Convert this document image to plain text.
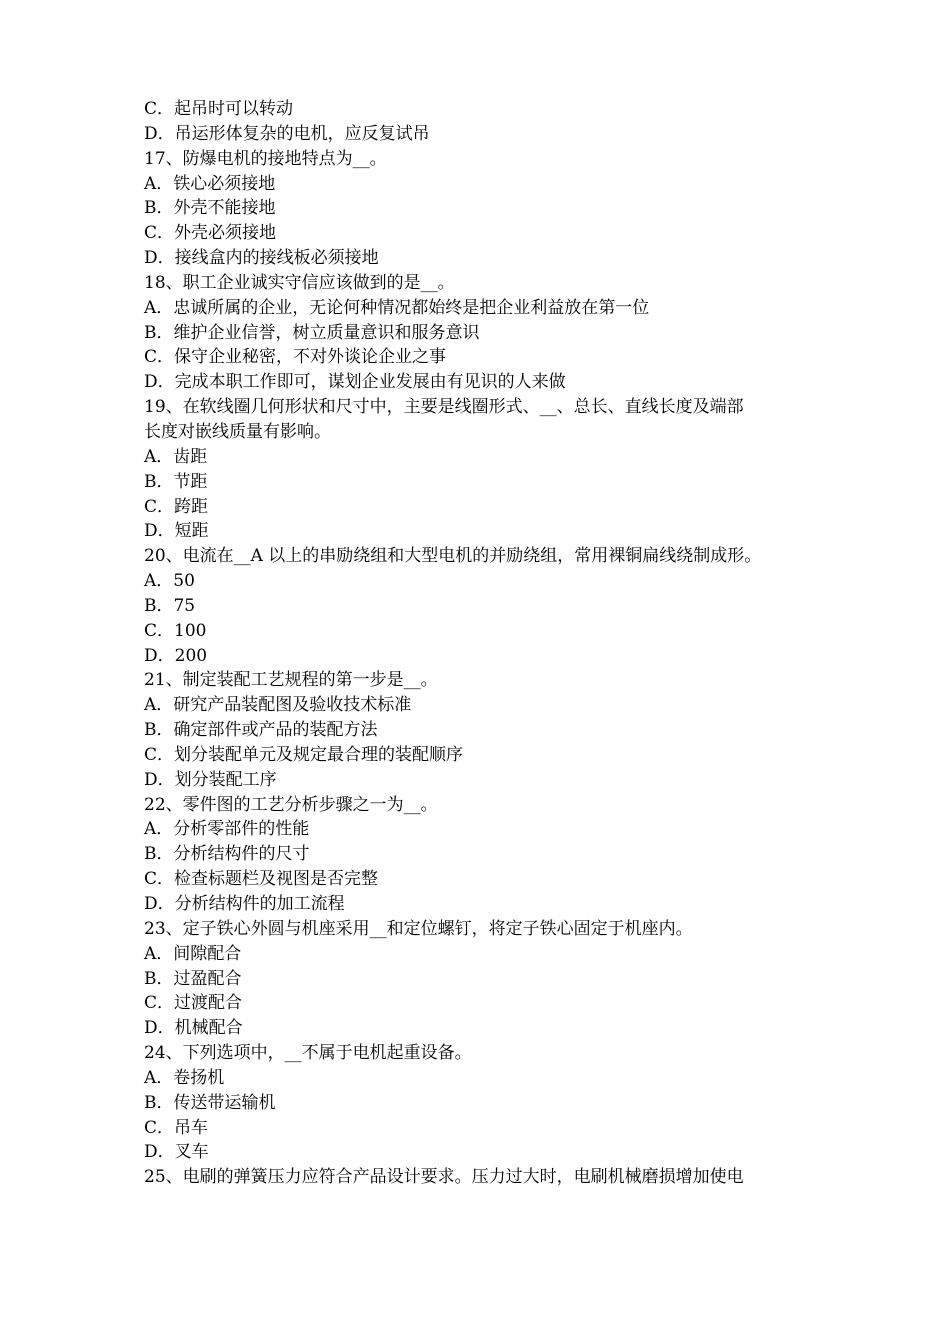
C．起吊时可以转动

D．吊运形体复杂的电机，应反复试吊

17、防爆电机的接地特点为__。

A．铁心必须接地

B．外壳不能接地

C．外壳必须接地

D．接线盒内的接线板必须接地

18、职工企业诚实守信应该做到的是__。

A．忠诚所属的企业，无论何种情况都始终是把企业利益放在第一位

B．维护企业信誉，树立质量意识和服务意识

C．保守企业秘密，不对外谈论企业之事

D．完成本职工作即可，谋划企业发展由有见识的人来做

19、在软线圈几何形状和尺寸中，主要是线圈形式、__、总长、直线长度及端部

长度对嵌线质量有影响。

A．齿距

B．节距

C．跨距

D．短距

20、电流在__A 以上的串励绕组和大型电机的并励绕组，常用裸铜扁线绕制成形。

A．50

B．75

C．100

D．200

21、制定装配工艺规程的第一步是__。

A．研究产品装配图及验收技术标准

B．确定部件或产品的装配方法

C．划分装配单元及规定最合理的装配顺序

D．划分装配工序

22、零件图的工艺分析步骤之一为__。

A．分析零部件的性能

B．分析结构件的尺寸

C．检查标题栏及视图是否完整

D．分析结构件的加工流程

23、定子铁心外圆与机座采用__和定位螺钉，将定子铁心固定于机座内。

A．间隙配合

B．过盈配合

C．过渡配合

D．机械配合

24、下列选项中，__不属于电机起重设备。

A．卷扬机

B．传送带运输机

C．吊车

D．叉车

25、电刷的弹簧压力应符合产品设计要求。压力过大时，电刷机械磨损增加使电
